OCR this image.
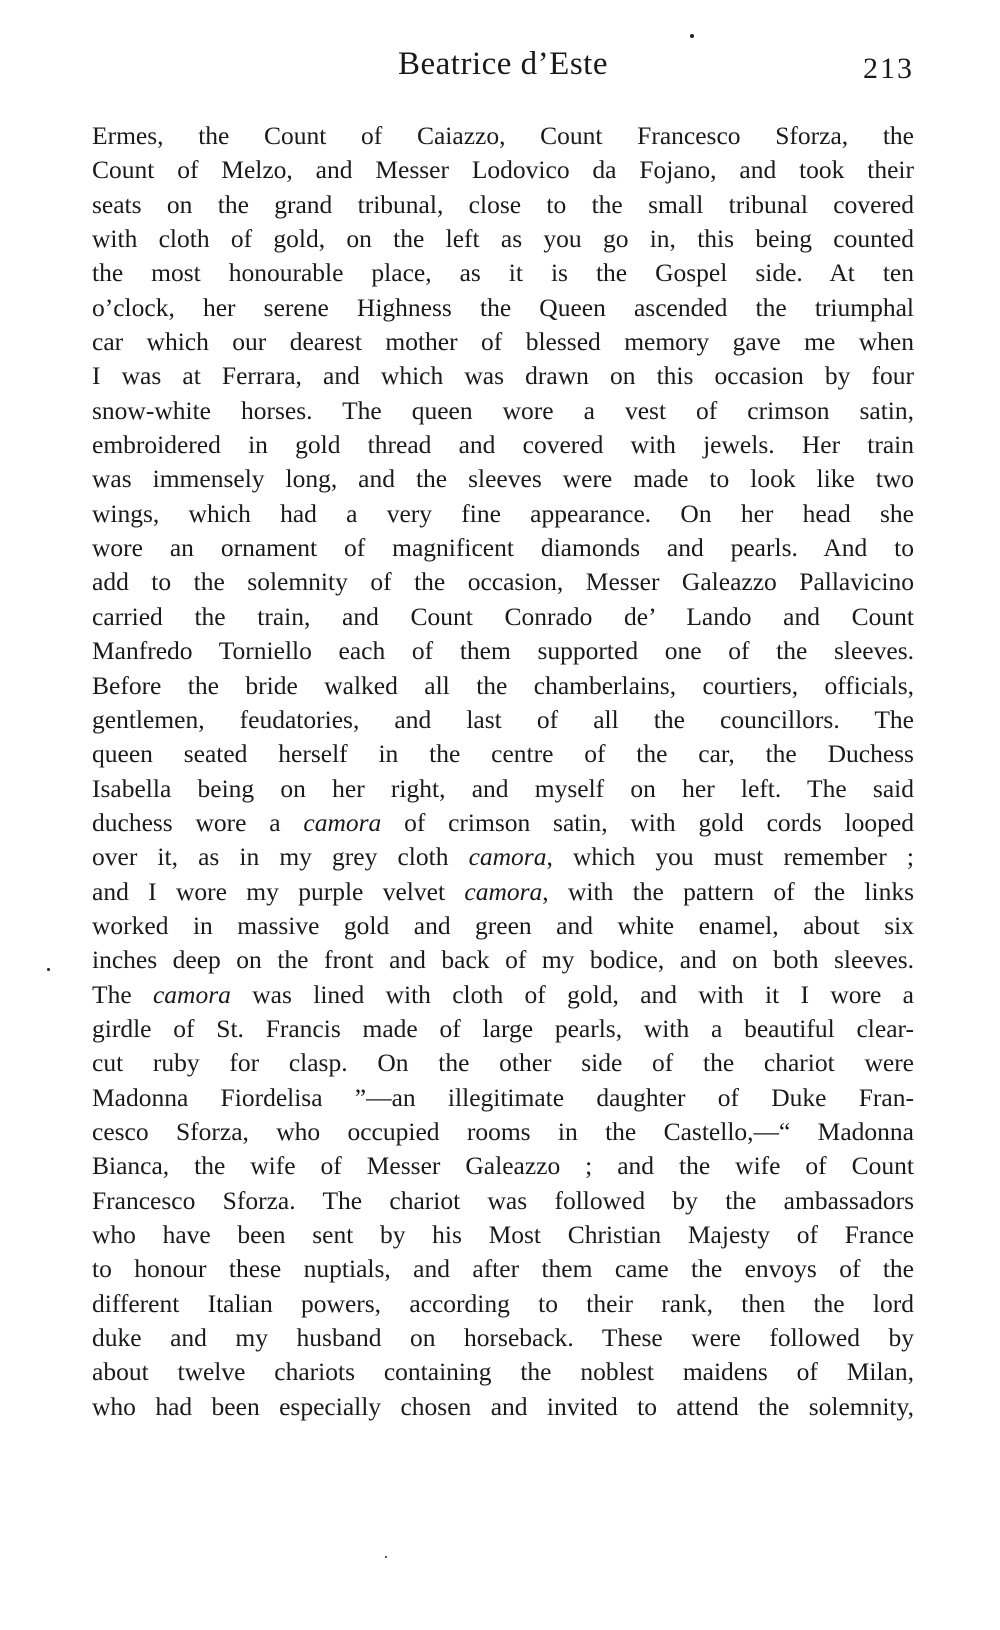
Beatrice d’Este	213
Ermes, the Count of Caiazzo, Count Francesco Sforza, the
Count of Melzo, and Messer Lodovico da Fojano, and took their
seats on the grand tribunal, close to the small tribunal covered
with cloth of gold, on the left as you go in, this being counted
the most honourable place, as it is the Gospel side. At ten
o’clock, her serene Highness the Queen ascended the triumphal
car which our dearest mother of blessed memory gave me when
I was at Ferrara, and which was drawn on this occasion by four
snow-white horses. The queen wore a vest of crimson satin,
embroidered in gold thread and covered with jewels. Her train
was immensely long, and the sleeves were made to look like two
wings, which had a very fine appearance. On her head she
wore an ornament of magnificent diamonds and pearls. And to
add to the solemnity of the occasion, Messer Galeazzo Pallavicino
carried the train, and Count Conrado de’ Lando and Count
Manfredo Torniello each of them supported one of the sleeves.
Before the bride walked all the chamberlains, courtiers, officials,
gentlemen, feudatories, and last of all the councillors. The
queen seated herself in the centre of the car, the Duchess
Isabella being on her right, and myself on her left. The said
duchess wore a camora of crimson satin, with gold cords looped
over it, as in my grey cloth camora, which you must remember ;
and I wore my purple velvet camora, with the pattern of the links
worked in massive gold and green and white enamel, about six
inches deep on the front and back of my bodice, and on both sleeves.
The camora was lined with cloth of gold, and with it I wore a
girdle of St. Francis made of large pearls, with a beautiful clear-
cut ruby for clasp. On the other side of the chariot were
Madonna Fiordelisa ”—an illegitimate daughter of Duke Fran-
cesco Sforza, who occupied rooms in the Castello,—“ Madonna
Bianca, the wife of Messer Galeazzo ; and the wife of Count
Francesco Sforza. The chariot was followed by the ambassadors
who have been sent by his Most Christian Majesty of France
to honour these nuptials, and after them came the envoys of the
different Italian powers, according to their rank, then the lord
duke and my husband on horseback. These were followed by
about twelve chariots containing the noblest maidens of Milan,
who had been especially chosen and invited to attend the solemnity,
